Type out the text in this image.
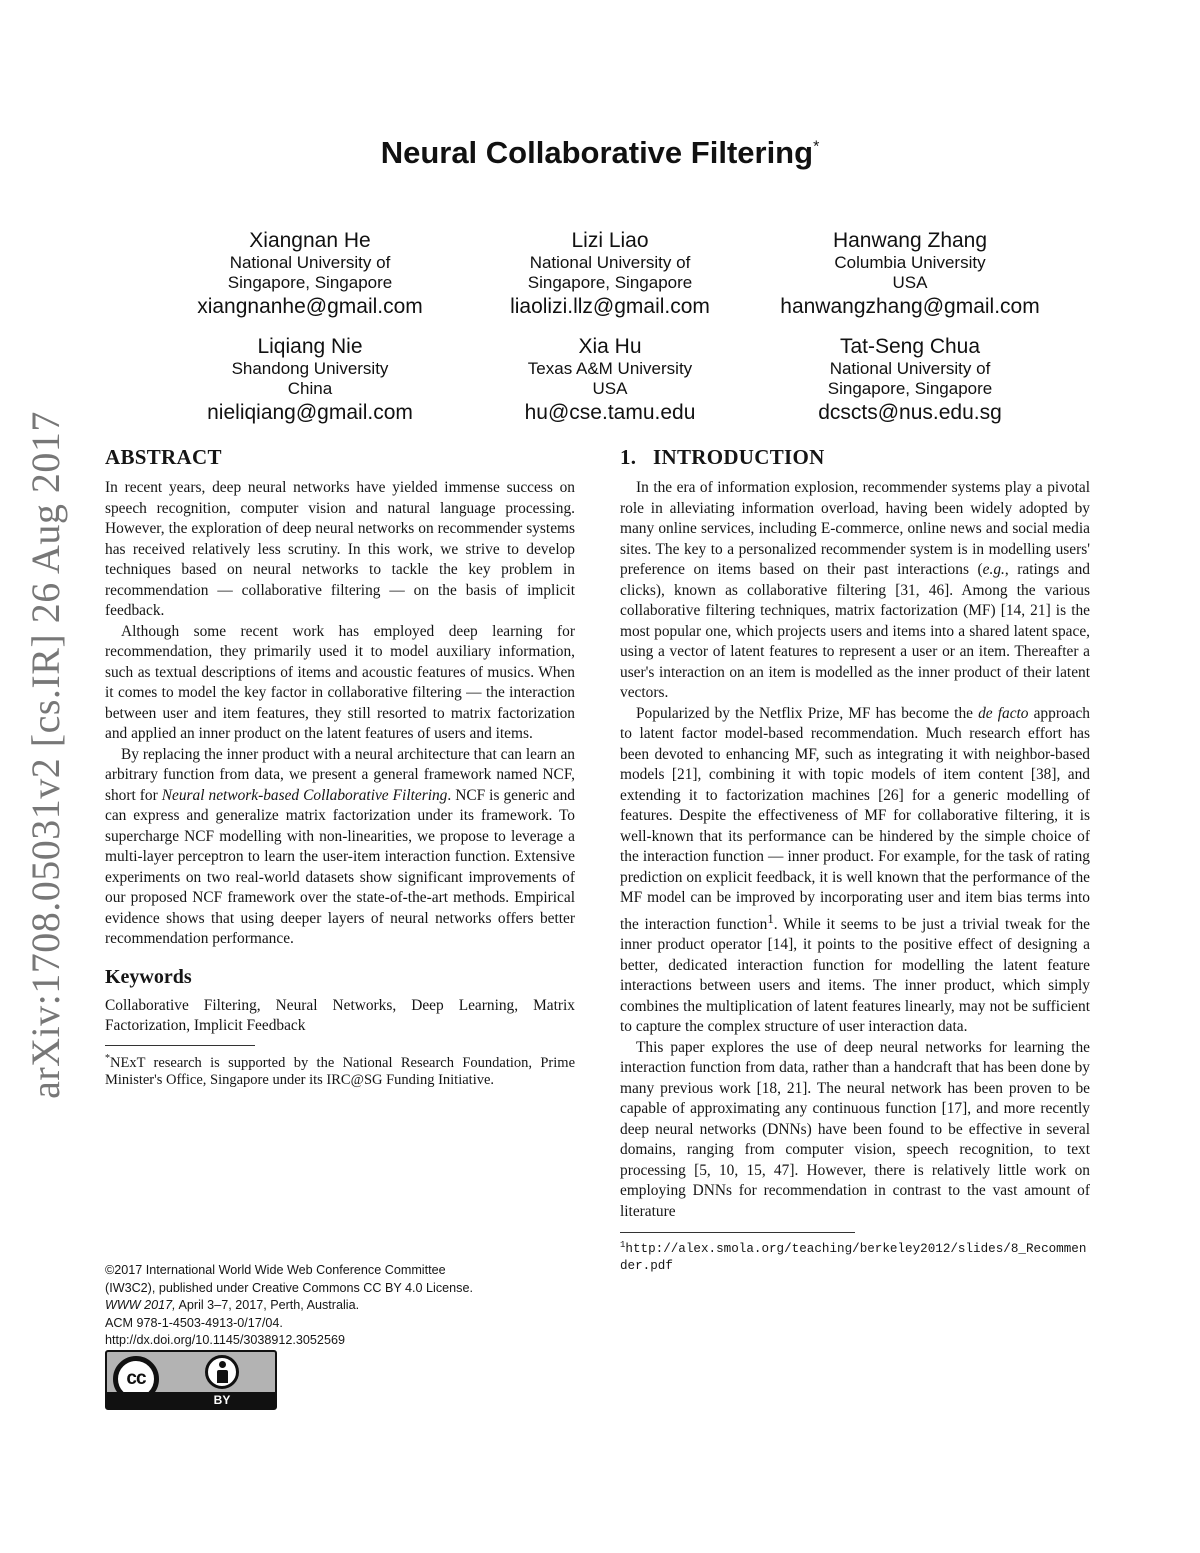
arXiv:1708.05031v2 [cs.IR] 26 Aug 2017
Neural Collaborative Filtering*
Xiangnan He
National University of
Singapore, Singapore
xiangnanhe@gmail.com
Lizi Liao
National University of
Singapore, Singapore
liaolizi.llz@gmail.com
Hanwang Zhang
Columbia University
USA
hanwangzhang@gmail.com
Liqiang Nie
Shandong University
China
nieliqiang@gmail.com
Xia Hu
Texas A&M University
USA
hu@cse.tamu.edu
Tat-Seng Chua
National University of
Singapore, Singapore
dcscts@nus.edu.sg
ABSTRACT

In recent years, deep neural networks have yielded immense success on speech recognition, computer vision and natural language processing. However, the exploration of deep neural networks on recommender systems has received relatively less scrutiny. In this work, we strive to develop techniques based on neural networks to tackle the key problem in recommendation — collaborative filtering — on the basis of implicit feedback.

Although some recent work has employed deep learning for recommendation, they primarily used it to model auxiliary information, such as textual descriptions of items and acoustic features of musics. When it comes to model the key factor in collaborative filtering — the interaction between user and item features, they still resorted to matrix factorization and applied an inner product on the latent features of users and items.

By replacing the inner product with a neural architecture that can learn an arbitrary function from data, we present a general framework named NCF, short for Neural network-based Collaborative Filtering. NCF is generic and can express and generalize matrix factorization under its framework. To supercharge NCF modelling with non-linearities, we propose to leverage a multi-layer perceptron to learn the user-item interaction function. Extensive experiments on two real-world datasets show significant improvements of our proposed NCF framework over the state-of-the-art methods. Empirical evidence shows that using deeper layers of neural networks offers better recommendation performance.

Keywords

Collaborative Filtering, Neural Networks, Deep Learning, Matrix Factorization, Implicit Feedback

*NExT research is supported by the National Research Foundation, Prime Minister's Office, Singapore under its IRC@SG Funding Initiative.

©2017 International World Wide Web Conference Committee
(IW3C2), published under Creative Commons CC BY 4.0 License.
WWW 2017, April 3–7, 2017, Perth, Australia.
ACM 978-1-4503-4913-0/17/04.
http://dx.doi.org/10.1145/3038912.3052569
cc
BY
1.   INTRODUCTION

In the era of information explosion, recommender systems play a pivotal role in alleviating information overload, having been widely adopted by many online services, including E-commerce, online news and social media sites. The key to a personalized recommender system is in modelling users' preference on items based on their past interactions (e.g., ratings and clicks), known as collaborative filtering [31, 46]. Among the various collaborative filtering techniques, matrix factorization (MF) [14, 21] is the most popular one, which projects users and items into a shared latent space, using a vector of latent features to represent a user or an item. Thereafter a user's interaction on an item is modelled as the inner product of their latent vectors.

Popularized by the Netflix Prize, MF has become the de facto approach to latent factor model-based recommendation. Much research effort has been devoted to enhancing MF, such as integrating it with neighbor-based models [21], combining it with topic models of item content [38], and extending it to factorization machines [26] for a generic modelling of features. Despite the effectiveness of MF for collaborative filtering, it is well-known that its performance can be hindered by the simple choice of the interaction function — inner product. For example, for the task of rating prediction on explicit feedback, it is well known that the performance of the MF model can be improved by incorporating user and item bias terms into the interaction function$^1$. While it seems to be just a trivial tweak for the inner product operator [14], it points to the positive effect of designing a better, dedicated interaction function for modelling the latent feature interactions between users and items. The inner product, which simply combines the multiplication of latent features linearly, may not be sufficient to capture the complex structure of user interaction data.

This paper explores the use of deep neural networks for learning the interaction function from data, rather than a handcraft that has been done by many previous work [18, 21]. The neural network has been proven to be capable of approximating any continuous function [17], and more recently deep neural networks (DNNs) have been found to be effective in several domains, ranging from computer vision, speech recognition, to text processing [5, 10, 15, 47]. However, there is relatively little work on employing DNNs for recommendation in contrast to the vast amount of literature

$^1$http://alex.smola.org/teaching/berkeley2012/slides/8_Recommender.pdf
